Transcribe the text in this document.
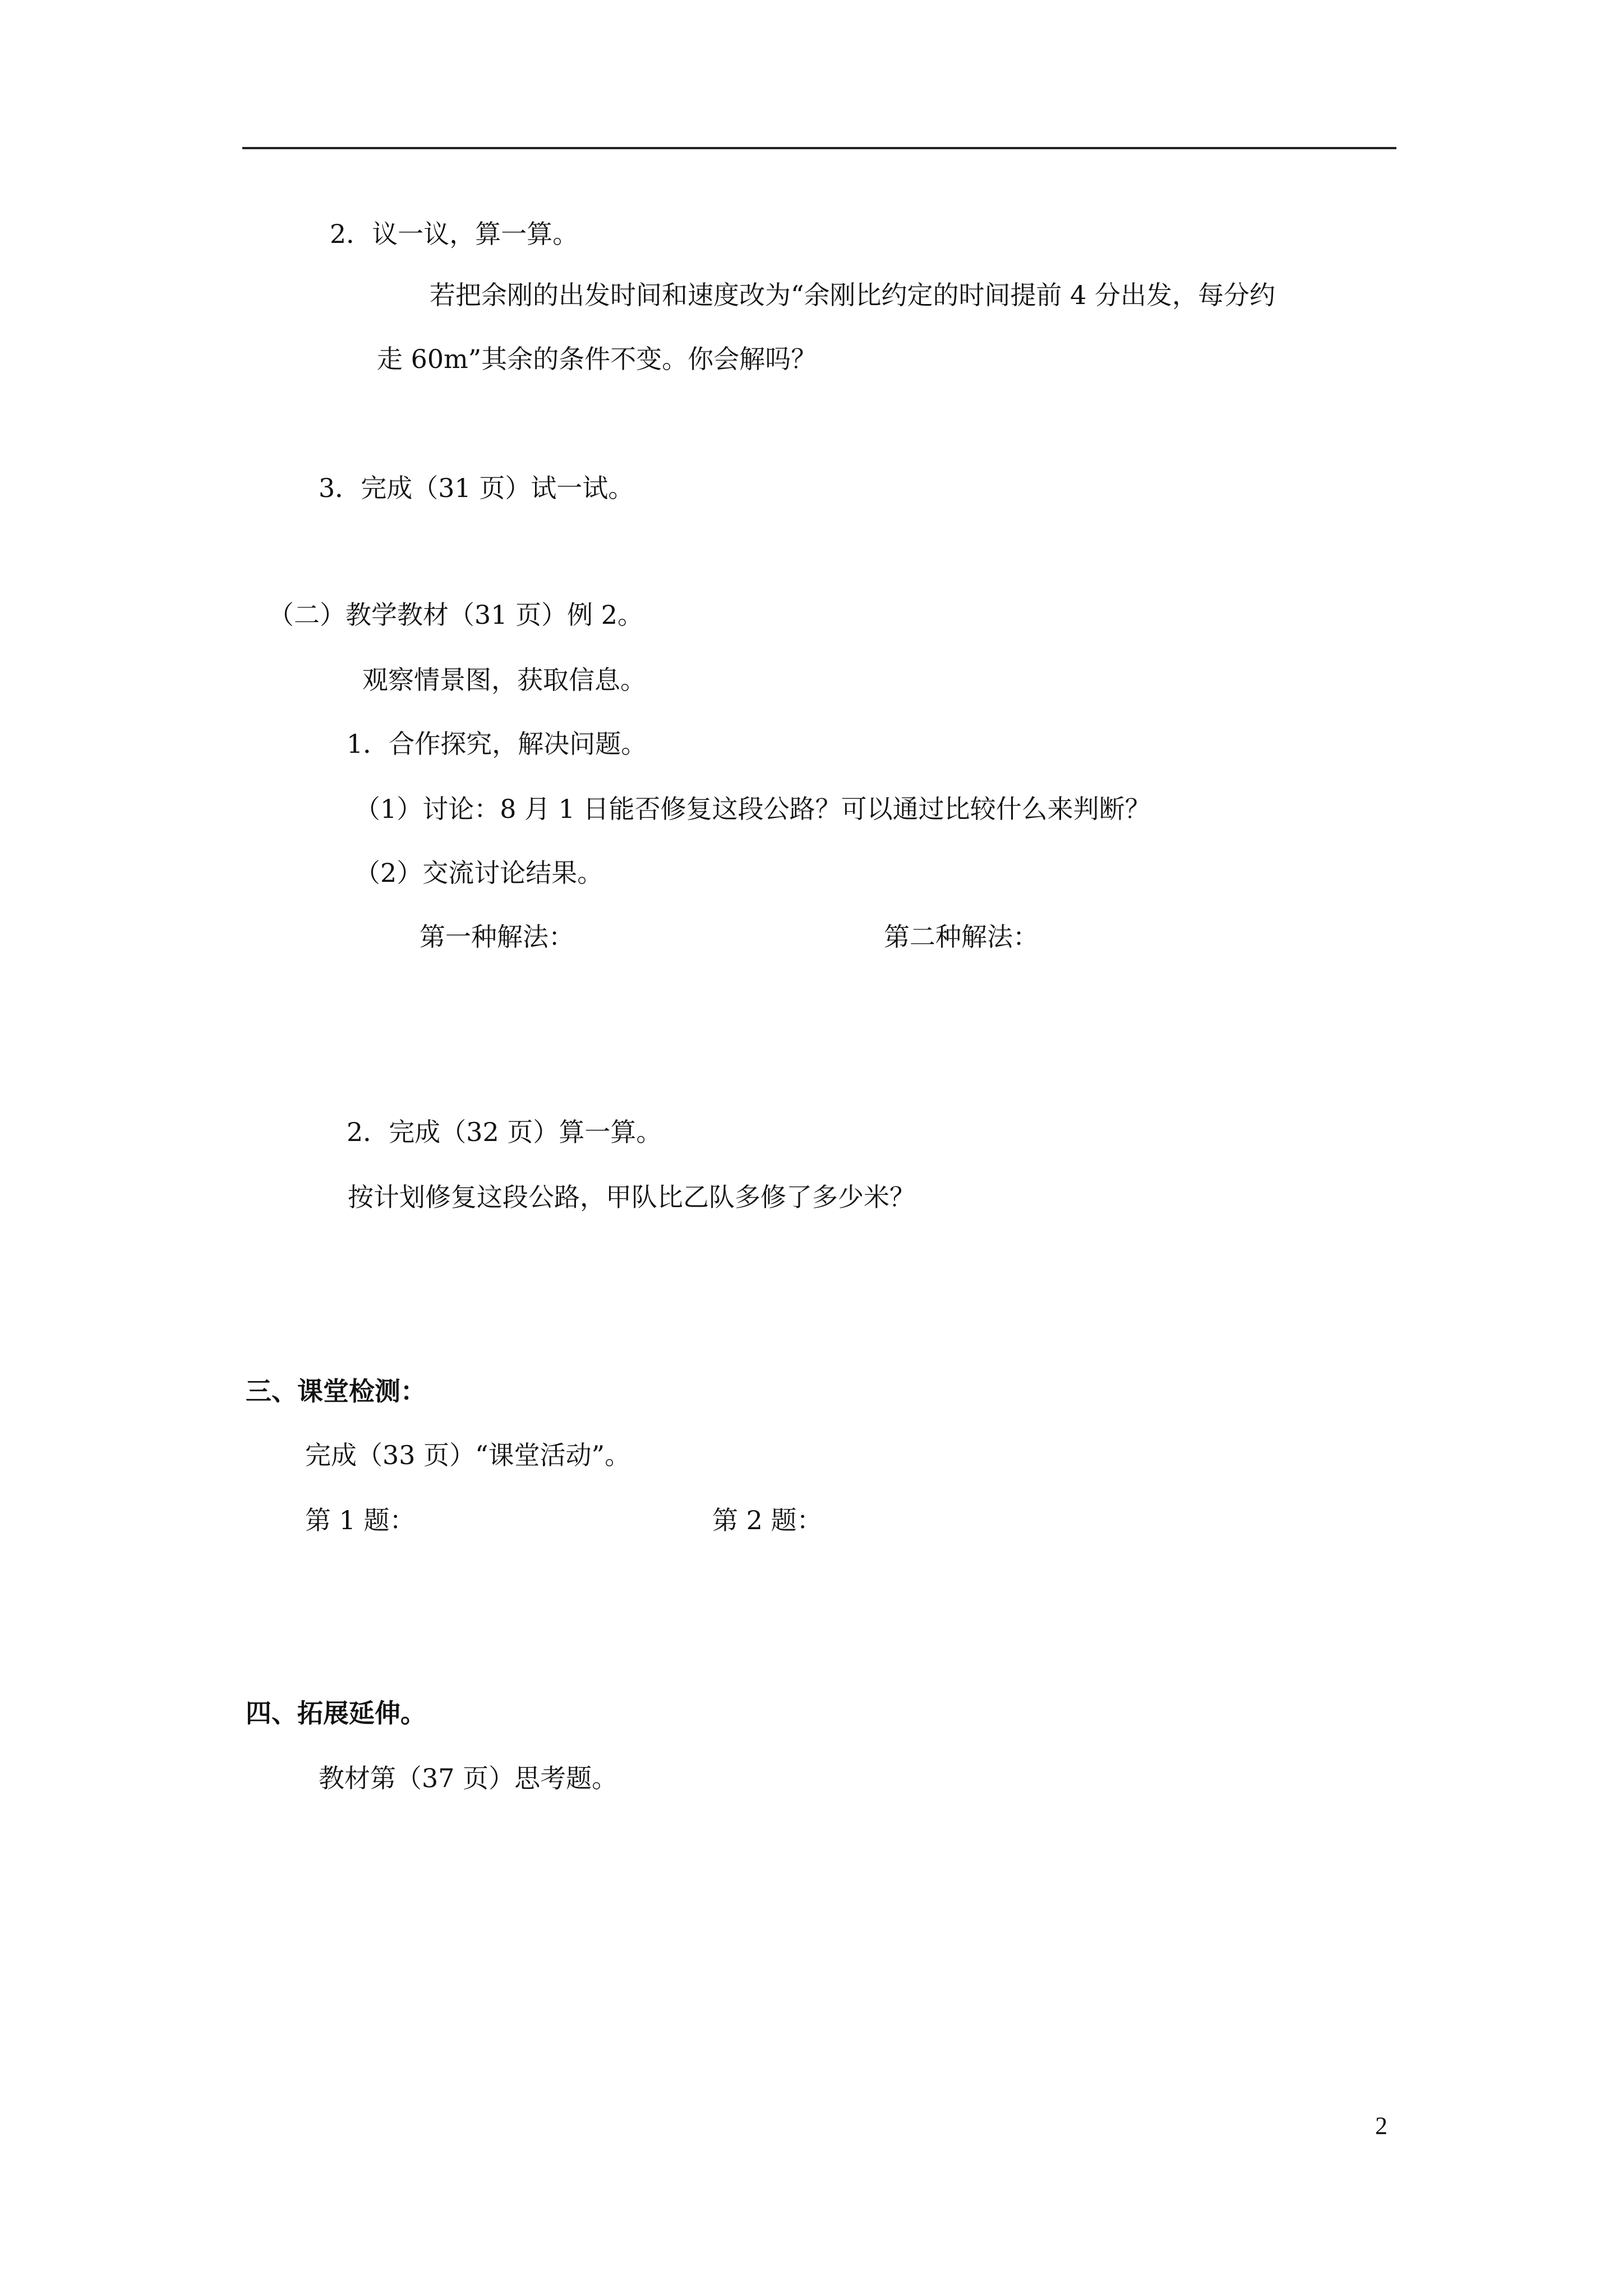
2．议一议，算一算。
若把余刚的出发时间和速度改为“余刚比约定的时间提前 4 分出发，每分约
走 60m”其余的条件不变。你会解吗？
3．完成（31 页）试一试。
（二）教学教材（31 页）例 2。
观察情景图，获取信息。
1．合作探究，解决问题。
（1）讨论：8 月 1 日能否修复这段公路？可以通过比较什么来判断？
（2）交流讨论结果。
第一种解法：	第二种解法：
2．完成（32 页）算一算。
按计划修复这段公路，甲队比乙队多修了多少米？
三、课堂检测：
完成（33 页）“课堂活动”。
第 1 题：	第 2 题：
四、拓展延伸。
教材第（37 页）思考题。
2
